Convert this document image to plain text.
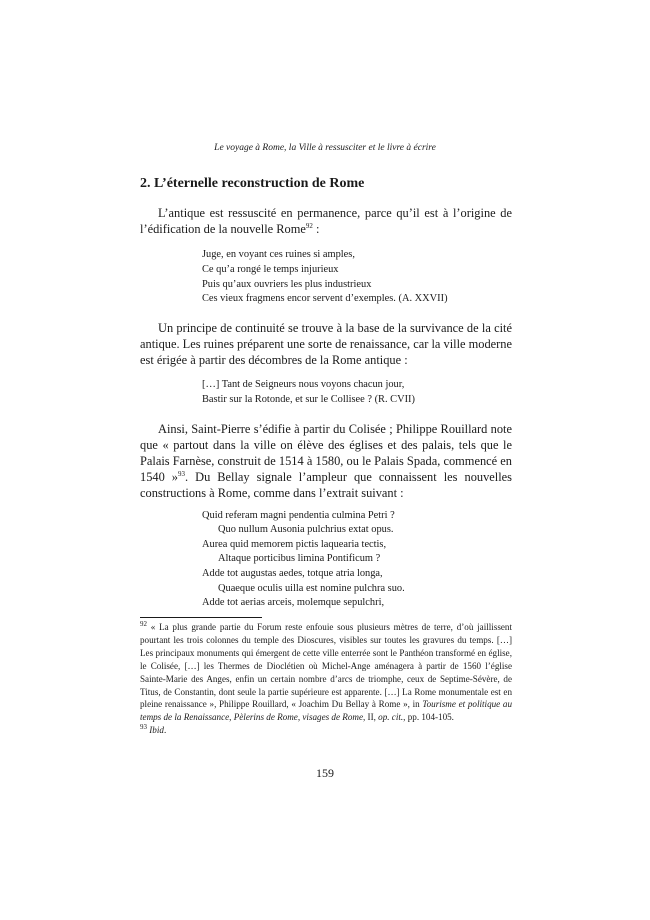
Le voyage à Rome, la Ville à ressusciter et le livre à écrire
2. L’éternelle reconstruction de Rome

L’antique est ressuscité en permanence, parce qu’il est à l’origine de l’édification de la nouvelle Rome$^{92}$ :

Juge, en voyant ces ruines si amples,
Ce qu’a rongé le temps injurieux
Puis qu’aux ouvriers les plus industrieux
Ces vieux fragmens encor servent d’exemples. (A. XXVII)

Un principe de continuité se trouve à la base de la survivance de la cité antique. Les ruines préparent une sorte de renaissance, car la ville moderne est érigée à partir des décombres de la Rome antique :

[…] Tant de Seigneurs nous voyons chacun jour,
Bastir sur la Rotonde, et sur le Collisee ? (R. CVII)

Ainsi, Saint-Pierre s’édifie à partir du Colisée ; Philippe Rouillard note que « partout dans la ville on élève des églises et des palais, tels que le Palais Farnèse, construit de 1514 à 1580, ou le Palais Spada, commencé en 1540 »$^{93}$. Du Bellay signale l’ampleur que connaissent les nouvelles constructions à Rome, comme dans l’extrait suivant :

Quid referam magni pendentia culmina Petri ?
Quo nullum Ausonia pulchrius extat opus.
Aurea quid memorem pictis laquearia tectis,
Altaque porticibus limina Pontificum ?
Adde tot augustas aedes, totque atria longa,
Quaeque oculis uilla est nomine pulchra suo.
Adde tot aerias arceis, molemque sepulchri,

$^{92}$ « La plus grande partie du Forum reste enfouie sous plusieurs mètres de terre, d’où jaillissent pourtant les trois colonnes du temple des Dioscures, visibles sur toutes les gravures du temps. […] Les principaux monuments qui émergent de cette ville enterrée sont le Panthéon transformé en église, le Colisée, […] les Thermes de Dioclétien où Michel-Ange aménagera à partir de 1560 l’église Sainte-Marie des Anges, enfin un certain nombre d’arcs de triomphe, ceux de Septime-Sévère, de Titus, de Constantin, dont seule la partie supérieure est apparente. […] La Rome monumentale est en pleine renaissance », Philippe Rouillard, « Joachim Du Bellay à Rome », in Tourisme et politique au temps de la Renaissance, Pèlerins de Rome, visages de Rome, II, op. cit., pp. 104-105.

$^{93}$ Ibid.

159
